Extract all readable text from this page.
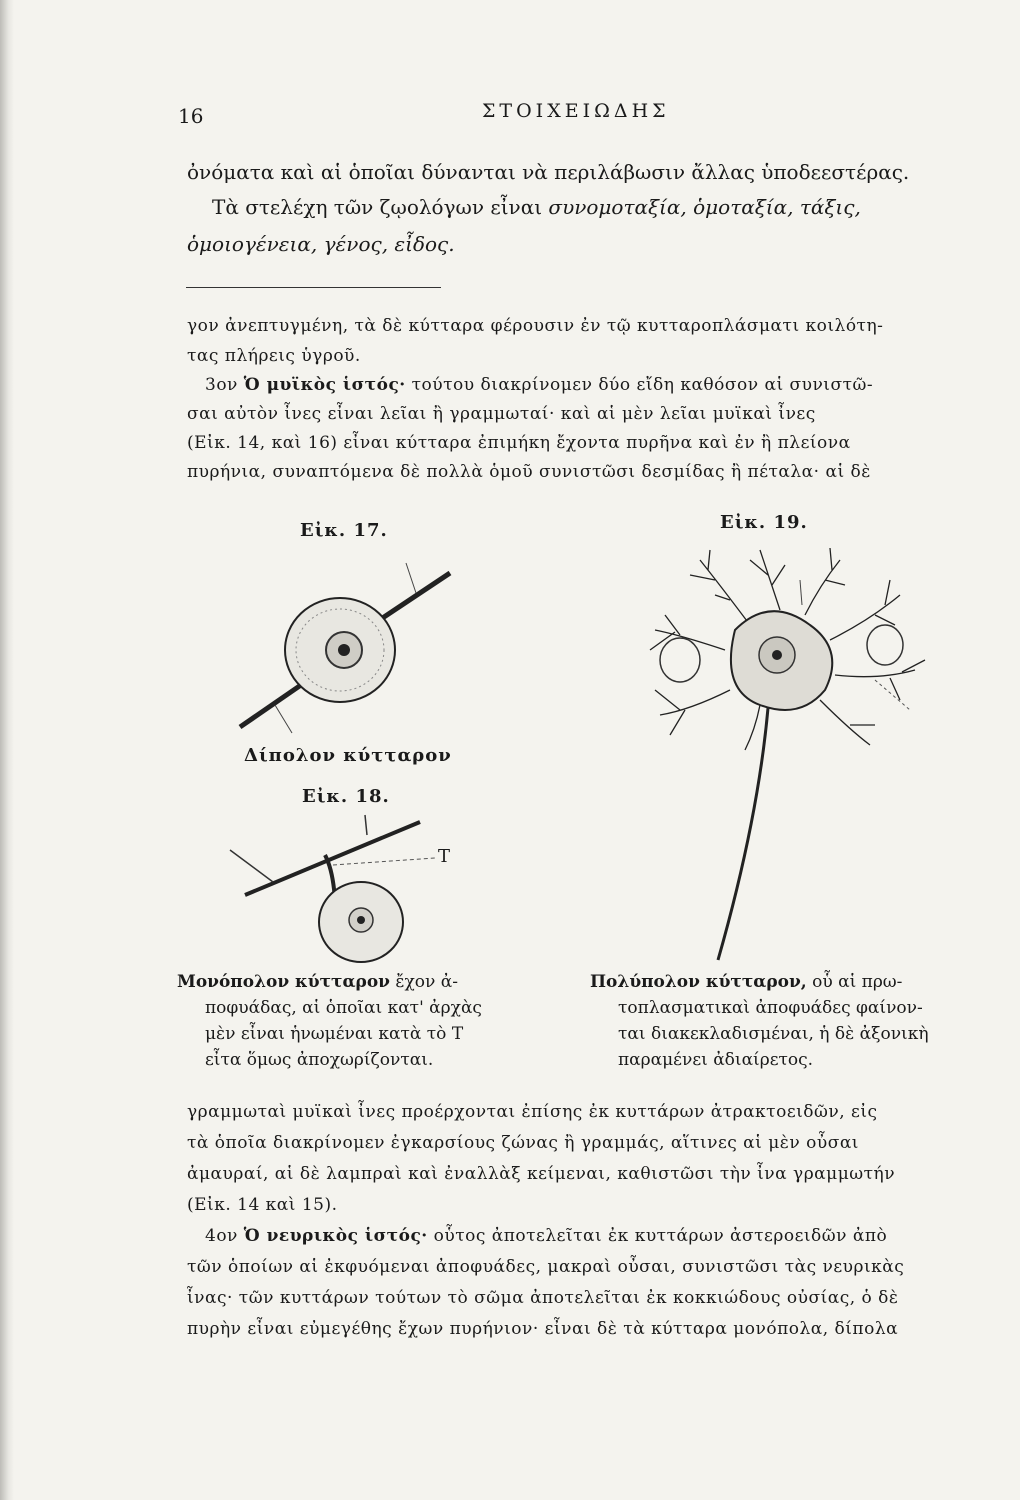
16	ΣΤΟΙΧΕΙΩΔΗΣ
ὀνόματα καὶ αἱ ὁποῖαι δύνανται νὰ περιλάβωσιν ἄλλας ὑποδεεστέρας.
Τὰ στελέχη τῶν ζῳολόγων εἶναι συνομοταξία, ὁμοταξία, τάξις,
ὁμοιογένεια, γένος, εἶδος.
γον ἀνεπτυγμένη, τὰ δὲ κύτταρα φέρουσιν ἐν τῷ κυτταροπλάσματι κοιλότη-
τας πλήρεις ὑγροῦ.
3ον Ὁ μυϊκὸς ἱστός· τούτου διακρίνομεν δύο εἴδη καθόσον αἱ συνιστῶ-
σαι αὐτὸν ἶνες εἶναι λεῖαι ἢ γραμμωταί· καὶ αἱ μὲν λεῖαι μυϊκαὶ ἶνες
(Εἰκ. 14, καὶ 16) εἶναι κύτταρα ἐπιμήκη ἔχοντα πυρῆνα καὶ ἐν ἢ πλείονα
πυρήνια, συναπτόμενα δὲ πολλὰ ὁμοῦ συνιστῶσι δεσμίδας ἢ πέταλα· αἱ δὲ
Εἰκ. 17.
Δίπολον κύτταρον
Εἰκ. 18.
T
Εἰκ. 19.
Μονόπολον κύτταρον ἔχον ἀ-
ποφυάδας, αἱ ὁποῖαι κατ' ἀρχὰς
μὲν εἶναι ἡνωμέναι κατὰ τὸ T
εἶτα ὅμως ἀποχωρίζονται.
Πολύπολον κύτταρον, οὗ αἱ πρω-
τοπλασματικαὶ ἀποφυάδες φαίνον-
ται διακεκλαδισμέναι, ἡ δὲ ἀξονικὴ
παραμένει ἀδιαίρετος.
γραμμωταὶ μυϊκαὶ ἶνες προέρχονται ἐπίσης ἐκ κυττάρων ἀτρακτοειδῶν, εἰς
τὰ ὁποῖα διακρίνομεν ἐγκαρσίους ζώνας ἢ γραμμάς, αἵτινες αἱ μὲν οὖσαι
ἀμαυραί, αἱ δὲ λαμπραὶ καὶ ἐναλλὰξ κείμεναι, καθιστῶσι τὴν ἶνα γραμμωτήν
(Εἰκ. 14 καὶ 15).
4ον Ὁ νευρικὸς ἱστός· οὗτος ἀποτελεῖται ἐκ κυττάρων ἀστεροειδῶν ἀπὸ
τῶν ὁποίων αἱ ἐκφυόμεναι ἀποφυάδες, μακραὶ οὖσαι, συνιστῶσι τὰς νευρικὰς
ἶνας· τῶν κυττάρων τούτων τὸ σῶμα ἀποτελεῖται ἐκ κοκκιώδους οὐσίας, ὁ δὲ
πυρὴν εἶναι εὐμεγέθης ἔχων πυρήνιον· εἶναι δὲ τὰ κύτταρα μονόπολα, δίπολα
